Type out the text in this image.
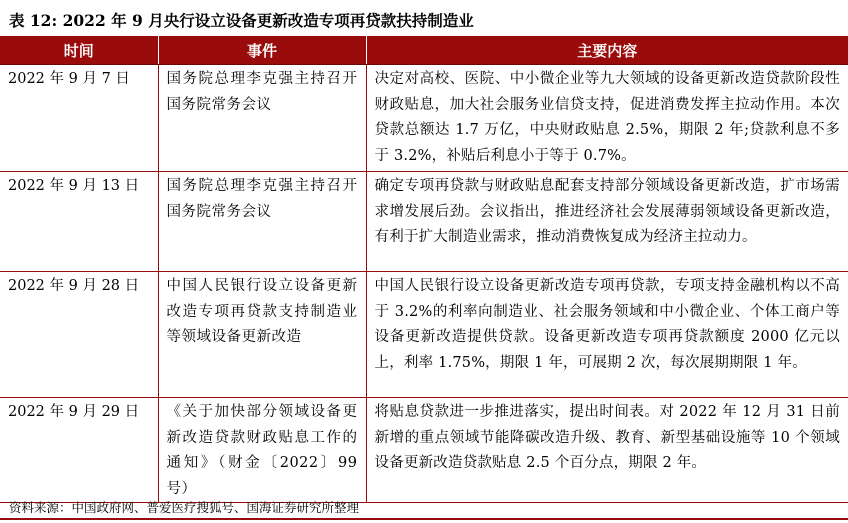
表 12: 2022 年 9 月央行设立设备更新改造专项再贷款扶持制造业
时间	事件	主要内容
2022 年 9 月 7 日	国务院总理李克强主持召开国务院常务会议	决定对高校、医院、中小微企业等九大领域的设备更新改造贷款阶段性财政贴息，加大社会服务业信贷支持，促进消费发挥主拉动作用。本次贷款总额达 1.7 万亿，中央财政贴息 2.5%，期限 2 年;贷款利息不多于 3.2%，补贴后利息小于等于 0.7%。
2022 年 9 月 13 日	国务院总理李克强主持召开国务院常务会议	确定专项再贷款与财政贴息配套支持部分领域设备更新改造，扩市场需求增发展后劲。会议指出，推进经济社会发展薄弱领域设备更新改造，有利于扩大制造业需求，推动消费恢复成为经济主拉动力。
2022 年 9 月 28 日	中国人民银行设立设备更新改造专项再贷款支持制造业等领域设备更新改造	中国人民银行设立设备更新改造专项再贷款，专项支持金融机构以不高于 3.2%的利率向制造业、社会服务领域和中小微企业、个体工商户等设备更新改造提供贷款。设备更新改造专项再贷款额度 2000 亿元以上，利率 1.75%，期限 1 年，可展期 2 次，每次展期期限 1 年。
2022 年 9 月 29 日	《关于加快部分领域设备更新改造贷款财政贴息工作的通知》（财金〔2022〕99 号）	将贴息贷款进一步推进落实，提出时间表。对 2022 年 12 月 31 日前新增的重点领域节能降碳改造升级、教育、新型基础设施等 10 个领域设备更新改造贷款贴息 2.5 个百分点，期限 2 年。
资料来源：中国政府网、普爱医疗搜狐号、国海证券研究所整理
